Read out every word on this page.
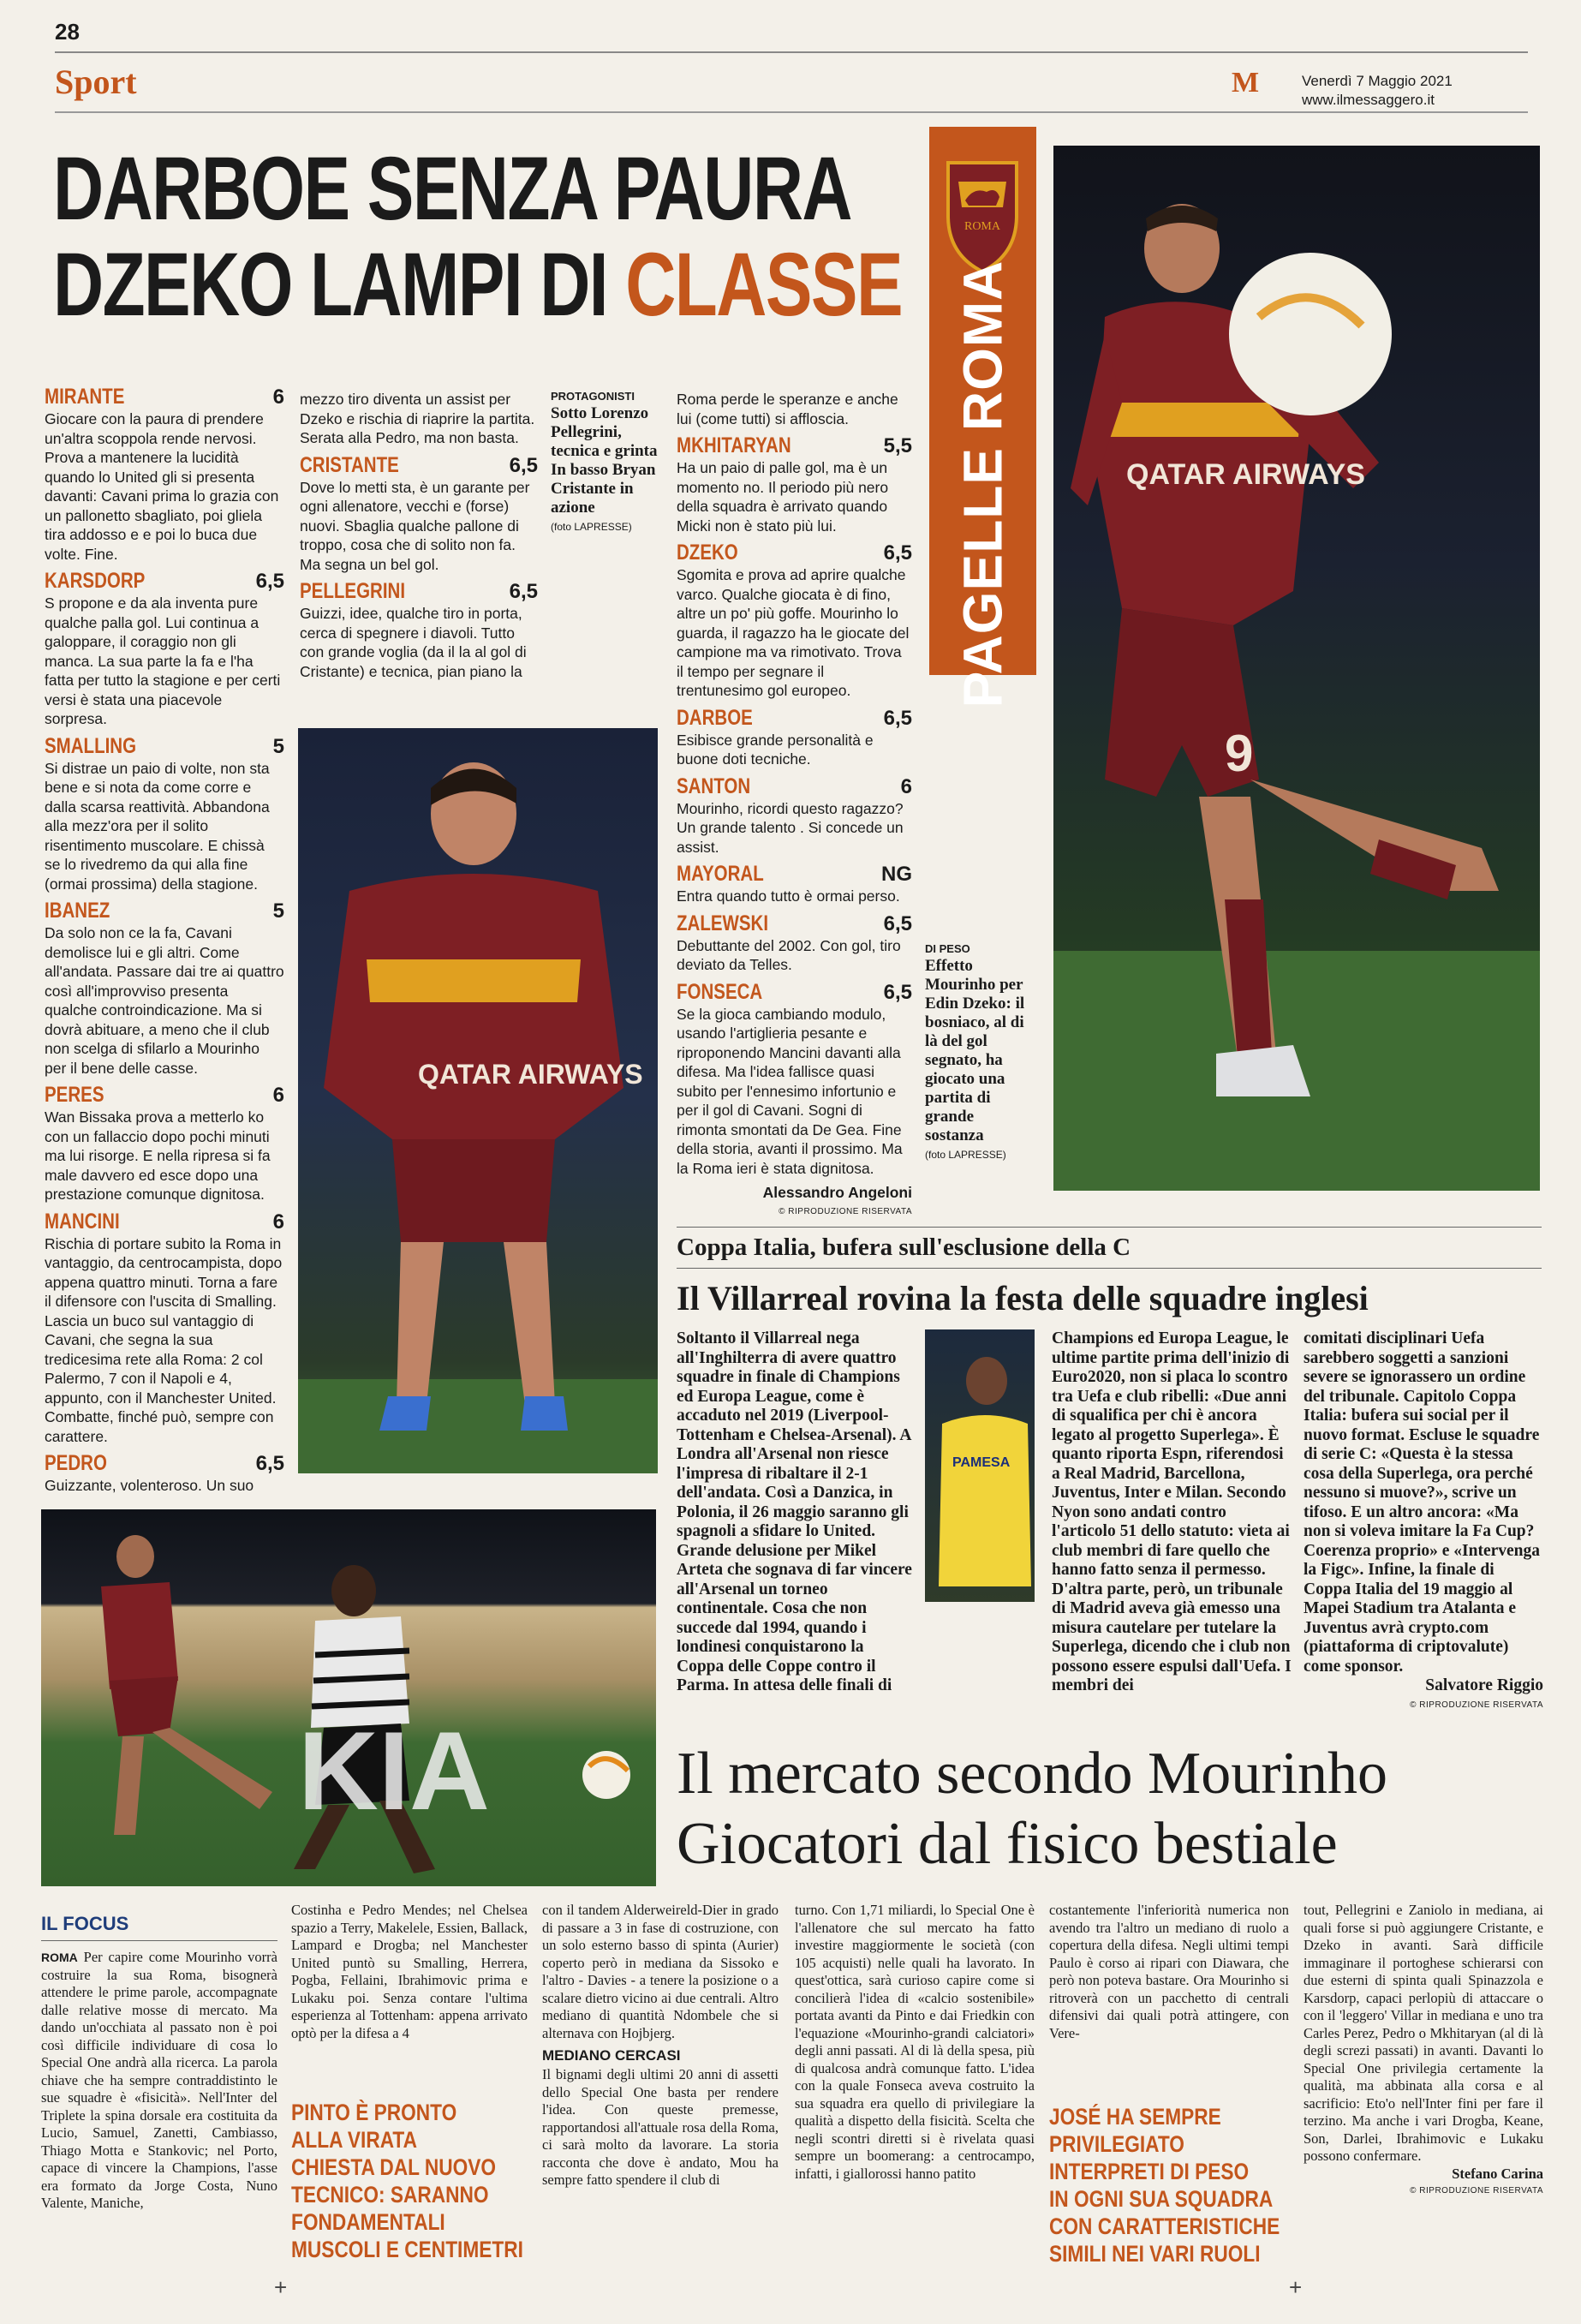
28
Sport	M	Venerdì 7 Maggio 2021
www.ilmessaggero.it
DARBOE SENZA PAURA
DZEKO LAMPI DI CLASSE
ROMA
PAGELLE ROMA	QATAR AIRWAYS
9
MIRANTE	6
Giocare con la paura di prendere un'altra scoppola rende nervosi. Prova a mantenere la lucidità quando lo United gli si presenta davanti: Cavani prima lo grazia con un pallonetto sbagliato, poi gliela tira addosso e e poi lo buca due volte. Fine.
KARSDORP	6,5
S propone e da ala inventa pure qualche palla gol. Lui continua a galoppare, il coraggio non gli manca. La sua parte la fa e l'ha fatta per tutto la stagione e per certi versi è stata una piacevole sorpresa.
SMALLING	5
Si distrae un paio di volte, non sta bene e si nota da come corre e dalla scarsa reattività. Abbandona alla mezz'ora per il solito risentimento muscolare. E chissà se lo rivedremo da qui alla fine (ormai prossima) della stagione.
IBANEZ	5
Da solo non ce la fa, Cavani demolisce lui e gli altri. Come all'andata. Passare dai tre ai quattro così all'improvviso presenta qualche controindicazione. Ma si dovrà abituare, a meno che il club non scelga di sfilarlo a Mourinho per il bene delle casse.
PERES	6
Wan Bissaka prova a metterlo ko con un fallaccio dopo pochi minuti ma lui risorge. E nella ripresa si fa male davvero ed esce dopo una prestazione comunque dignitosa.
MANCINI	6
Rischia di portare subito la Roma in vantaggio, da centrocampista, dopo appena quattro minuti. Torna a fare il difensore con l'uscita di Smalling. Lascia un buco sul vantaggio di Cavani, che segna la sua tredicesima rete alla Roma: 2 col Palermo, 7 con il Napoli e 4, appunto, con il Manchester United. Combatte, finché può, sempre con carattere.
PEDRO	6,5
Guizzante, volenteroso. Un suo
mezzo tiro diventa un assist per Dzeko e rischia di riaprire la partita. Serata alla Pedro, ma non basta.
CRISTANTE	6,5
Dove lo metti sta, è un garante per ogni allenatore, vecchi e (forse) nuovi. Sbaglia qualche pallone di troppo, cosa che di solito non fa. Ma segna un bel gol.
PELLEGRINI	6,5
Guizzi, idee, qualche tiro in porta, cerca di spegnere i diavoli. Tutto con grande voglia (da il la al gol di Cristante) e tecnica, pian piano la
PROTAGONISTI
Sotto Lorenzo Pellegrini, tecnica e grinta In basso Bryan Cristante in azione
(foto LAPRESSE)
Roma perde le speranze e anche lui (come tutti) si affloscia.
MKHITARYAN	5,5
Ha un paio di palle gol, ma è un momento no. Il periodo più nero della squadra è arrivato quando Micki non è stato più lui.
DZEKO	6,5
Sgomita e prova ad aprire qualche varco. Qualche giocata è di fino, altre un po' più goffe. Mourinho lo guarda, il ragazzo ha le giocate del campione ma va rimotivato. Trova il tempo per segnare il trentunesimo gol europeo.
DARBOE	6,5
Esibisce grande personalità e buone doti tecniche.
SANTON	6
Mourinho, ricordi questo ragazzo? Un grande talento . Si concede un assist.
MAYORAL	NG
Entra quando tutto è ormai perso.
ZALEWSKI	6,5
Debuttante del 2002. Con gol, tiro deviato da Telles.
FONSECA	6,5
Se la gioca cambiando modulo, usando l'artiglieria pesante e riproponendo Mancini davanti alla difesa. Ma l'idea fallisce quasi subito per l'ennesimo infortunio e per il gol di Cavani. Sogni di rimonta smontati da De Gea. Fine della storia, avanti il prossimo. Ma la Roma ieri è stata dignitosa.
Alessandro Angeloni
© RIPRODUZIONE RISERVATA
DI PESO
Effetto Mourinho per Edin Dzeko: il bosniaco, al di là del gol segnato, ha giocato una partita di grande sostanza
(foto LAPRESSE)
QATAR AIRWAYS
Coppa Italia, bufera sull'esclusione della C
Il Villarreal rovina la festa delle squadre inglesi
Soltanto il Villarreal nega all'Inghilterra di avere quattro squadre in finale di Champions ed Europa League, come è accaduto nel 2019 (Liverpool-Tottenham e Chelsea-Arsenal). A Londra all'Arsenal non riesce l'impresa di ribaltare il 2-1 dell'andata. Così a Danzica, in Polonia, il 26 maggio saranno gli spagnoli a sfidare lo United. Grande delusione per Mikel Arteta che sognava di far vincere all'Arsenal un torneo continentale. Cosa che non succede dal 1994, quando i londinesi conquistarono la Coppa delle Coppe contro il Parma. In attesa delle finali di
PAMESA
Champions ed Europa League, le ultime partite prima dell'inizio di Euro2020, non si placa lo scontro tra Uefa e club ribelli: «Due anni di squalifica per chi è ancora legato al progetto Superlega». È quanto riporta Espn, riferendosi a Real Madrid, Barcellona, Juventus, Inter e Milan. Secondo Nyon sono andati contro l'articolo 51 dello statuto: vieta ai club membri di fare quello che hanno fatto senza il permesso. D'altra parte, però, un tribunale di Madrid aveva già emesso una misura cautelare per tutelare la Superlega, dicendo che i club non possono essere espulsi dall'Uefa. I membri dei
comitati disciplinari Uefa sarebbero soggetti a sanzioni severe se ignorassero un ordine del tribunale. Capitolo Coppa Italia: bufera sui social per il nuovo format. Escluse le squadre di serie C: «Questa è la stessa cosa della Superlega, ora perché nessuno si muove?», scrive un tifoso. E un altro ancora: «Ma non si voleva imitare la Fa Cup? Coerenza proprio» e «Intervenga la Figc». Infine, la finale di Coppa Italia del 19 maggio al Mapei Stadium tra Atalanta e Juventus avrà crypto.com (piattaforma di criptovalute) come sponsor.
Salvatore Riggio
© RIPRODUZIONE RISERVATA
KIA	Il mercato secondo Mourinho
Giocatori dal fisico bestiale
IL FOCUS
ROMA Per capire come Mourinho vorrà costruire la sua Roma, bisognerà attendere le prime parole, accompagnate dalle relative mosse di mercato. Ma dando un'occhiata al passato non è poi così difficile individuare di cosa lo Special One andrà alla ricerca. La parola chiave che ha sempre contraddistinto le sue squadre è «fisicità». Nell'Inter del Triplete la spina dorsale era costituita da Lucio, Samuel, Zanetti, Cambiasso, Thiago Motta e Stankovic; nel Porto, capace di vincere la Champions, l'asse era formato da Jorge Costa, Nuno Valente, Maniche,
Costinha e Pedro Mendes; nel Chelsea spazio a Terry, Makelele, Essien, Ballack, Lampard e Drogba; nel Manchester United puntò su Smalling, Herrera, Pogba, Fellaini, Ibrahimovic prima e Lukaku poi. Senza contare l'ultima esperienza al Tottenham: appena arrivato optò per la difesa a 4
PINTO È PRONTO
ALLA VIRATA
CHIESTA DAL NUOVO
TECNICO: SARANNO
FONDAMENTALI
MUSCOLI E CENTIMETRI
con il tandem Alderweireld-Dier in grado di passare a 3 in fase di costruzione, con un solo esterno basso di spinta (Aurier) coperto però in mediana da Sissoko e l'altro - Davies - a tenere la posizione o a scalare dietro vicino ai due centrali. Altro mediano di quantità Ndombele che si alternava con Hojbjerg.
MEDIANO CERCASI
Il bignami degli ultimi 20 anni di assetti dello Special One basta per rendere l'idea. Con queste premesse, rapportandosi all'attuale rosa della Roma, ci sarà molto da lavorare. La storia racconta che dove è andato, Mou ha sempre fatto spendere il club di
turno. Con 1,71 miliardi, lo Special One è l'allenatore che sul mercato ha fatto investire maggiormente le società (con 105 acquisti) nelle quali ha lavorato. In quest'ottica, sarà curioso capire come si concilierà l'idea di «calcio sostenibile» portata avanti da Pinto e dai Friedkin con l'equazione «Mourinho-grandi calciatori» degli anni passati. Al di là della spesa, più di qualcosa andrà comunque fatto. L'idea con la quale Fonseca aveva costruito la sua squadra era quello di privilegiare la qualità a dispetto della fisicità. Scelta che negli scontri diretti si è rivelata quasi sempre un boomerang: a centrocampo, infatti, i giallorossi hanno patito
costantemente l'inferiorità numerica non avendo tra l'altro un mediano di ruolo a copertura della difesa. Negli ultimi tempi Paulo è corso ai ripari con Diawara, che però non poteva bastare. Ora Mourinho si ritroverà con un pacchetto di centrali difensivi dai quali potrà attingere, con Vere-
JOSÉ HA SEMPRE
PRIVILEGIATO
INTERPRETI DI PESO
IN OGNI SUA SQUADRA
CON CARATTERISTICHE
SIMILI NEI VARI RUOLI
tout, Pellegrini e Zaniolo in mediana, ai quali forse si può aggiungere Cristante, e Dzeko in avanti. Sarà difficile immaginare il portoghese schierarsi con due esterni di spinta quali Spinazzola e Karsdorp, capaci perlopiù di attaccare o con il 'leggero' Villar in mediana e uno tra Carles Perez, Pedro o Mkhitaryan (al di là degli screzi passati) in avanti. Davanti lo Special One privilegia certamente la qualità, ma abbinata alla corsa e al sacrificio: Eto'o nell'Inter fini per fare il terzino. Ma anche i vari Drogba, Keane, Son, Darlei, Ibrahimovic e Lukaku possono confermare.
Stefano Carina
© RIPRODUZIONE RISERVATA
+	+
